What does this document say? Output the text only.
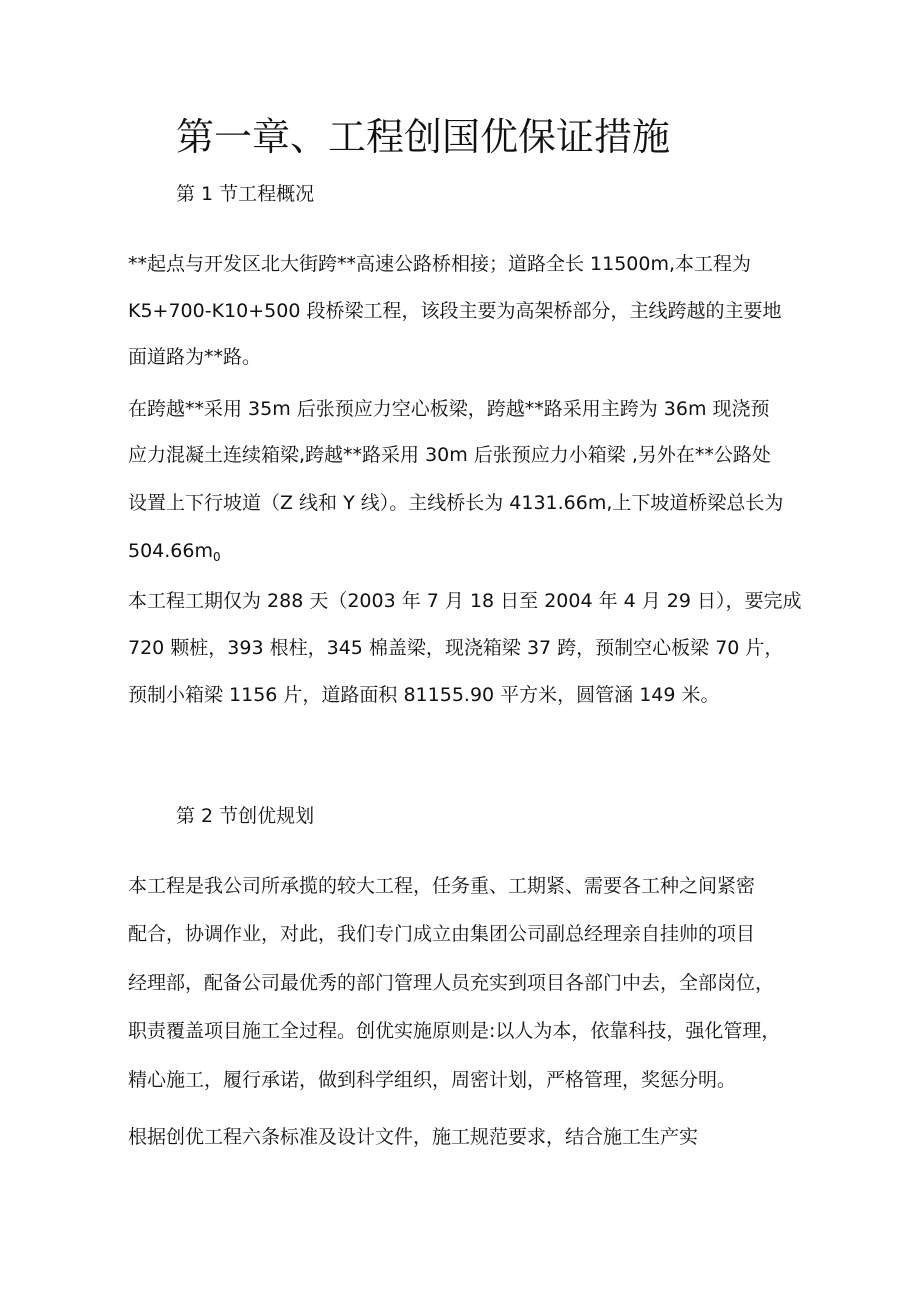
第一章、工程创国优保证措施
第 1 节工程概况

**起点与开发区北大街跨**高速公路桥相接；道路全长 11500m,本工程为

K5+700-K10+500 段桥梁工程，该段主要为高架桥部分，主线跨越的主要地

面道路为**路。

在跨越**采用 35m 后张预应力空心板梁，跨越**路采用主跨为 36m 现浇预

应力混凝土连续箱梁,跨越**路采用 30m 后张预应力小箱梁 ,另外在**公路处

设置上下行坡道（Z 线和 Y 线）。主线桥长为 4131.66m,上下坡道桥梁总长为

$504.66m_0$

本工程工期仅为 288 天（2003 年 7 月 18 日至 2004 年 4 月 29 日），要完成

720 颗桩，393 根柱，345 棉盖梁，现浇箱梁 37 跨，预制空心板梁 70 片，

预制小箱梁 1156 片，道路面积 81155.90 平方米，圆管涵 149 米。

第 2 节创优规划

本工程是我公司所承揽的较大工程，任务重、工期紧、需要各工种之间紧密

配合，协调作业，对此，我们专门成立由集团公司副总经理亲自挂帅的项目

经理部，配备公司最优秀的部门管理人员充实到项目各部门中去，全部岗位，

职责覆盖项目施工全过程。创优实施原则是:以人为本，依靠科技，强化管理，

精心施工，履行承诺，做到科学组织，周密计划，严格管理，奖惩分明。

根据创优工程六条标准及设计文件，施工规范要求，结合施工生产实
